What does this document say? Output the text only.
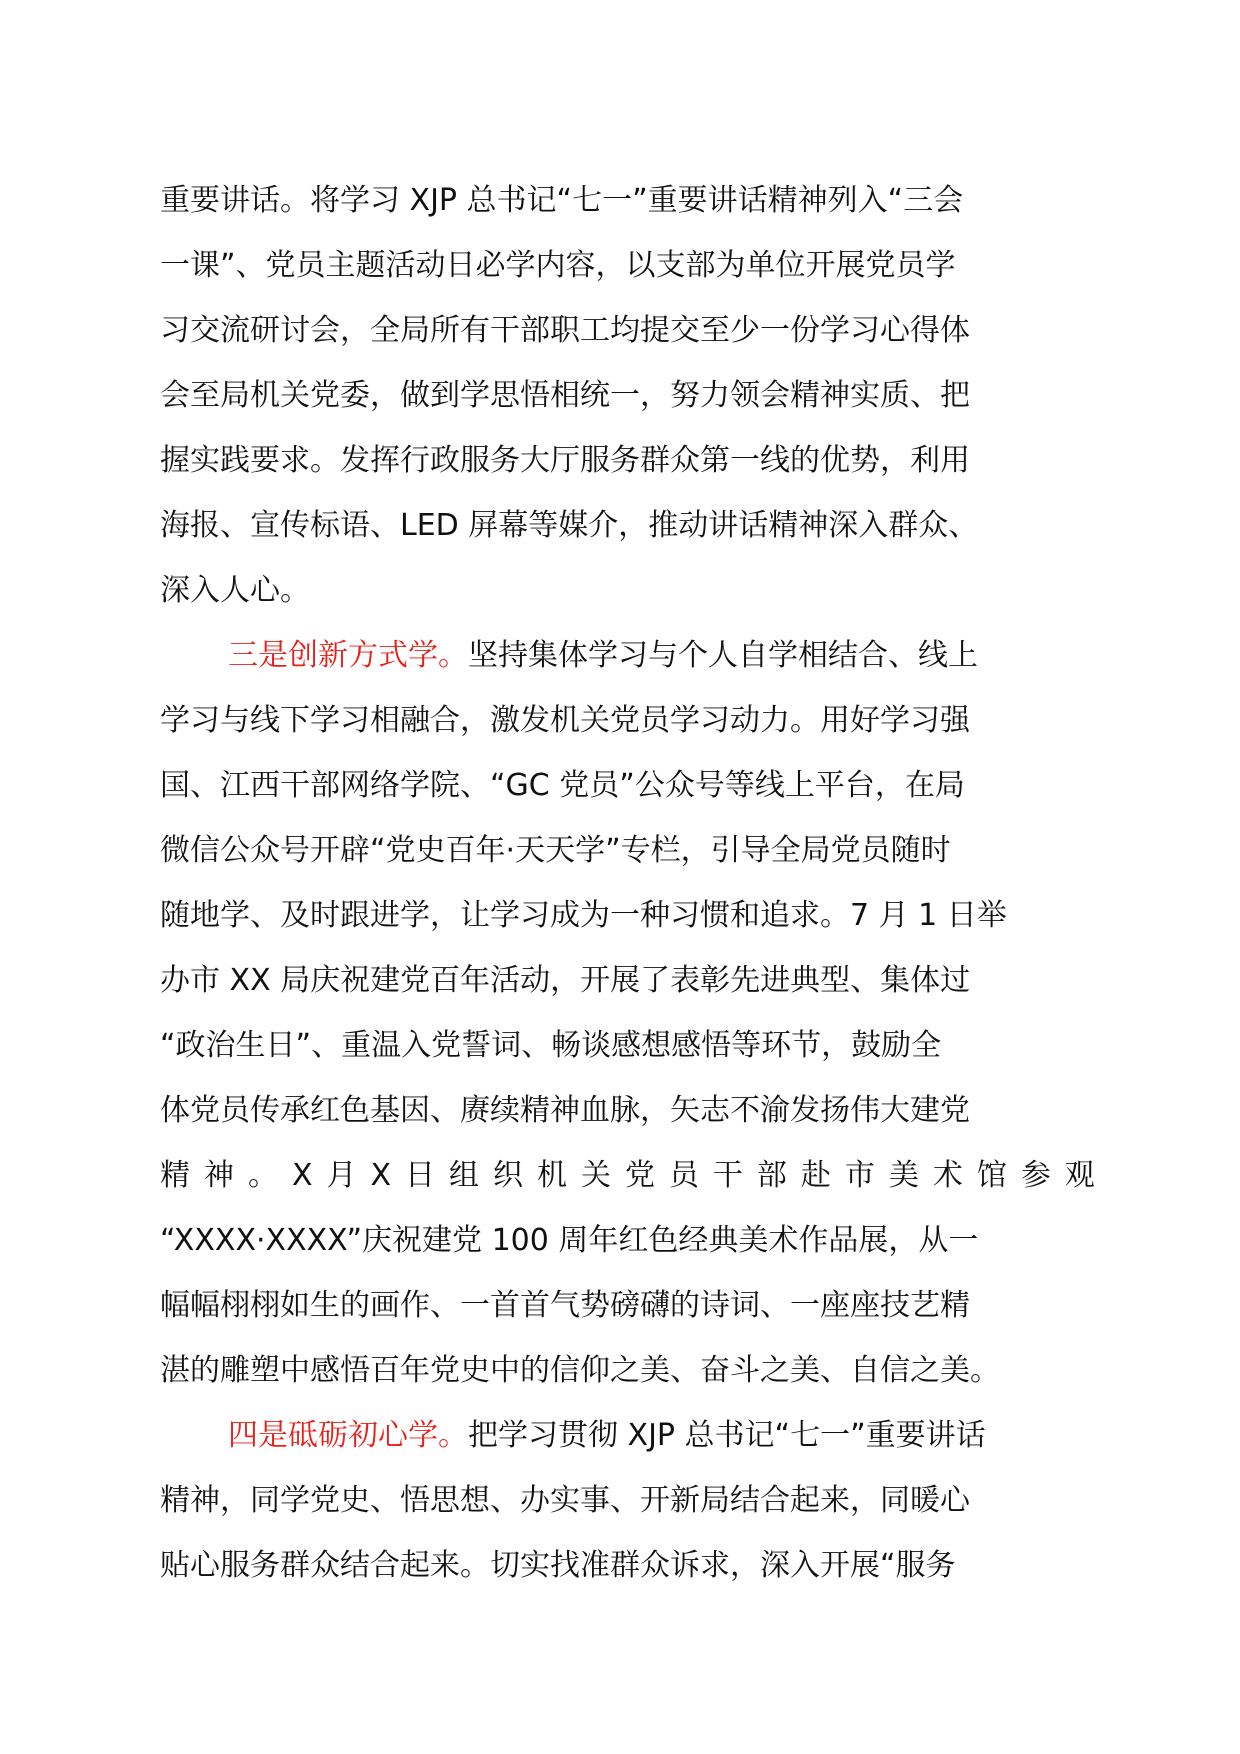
重要讲话。将学习 XJP 总书记“七一”重要讲话精神列入“三会
一课”、党员主题活动日必学内容，以支部为单位开展党员学
习交流研讨会，全局所有干部职工均提交至少一份学习心得体
会至局机关党委，做到学思悟相统一，努力领会精神实质、把
握实践要求。发挥行政服务大厅服务群众第一线的优势，利用
海报、宣传标语、LED 屏幕等媒介，推动讲话精神深入群众、
深入人心。
三是创新方式学。坚持集体学习与个人自学相结合、线上
学习与线下学习相融合，激发机关党员学习动力。用好学习强
国、江西干部网络学院、“GC 党员”公众号等线上平台，在局
微信公众号开辟“党史百年·天天学”专栏，引导全局党员随时
随地学、及时跟进学，让学习成为一种习惯和追求。7 月 1 日举
办市 XX 局庆祝建党百年活动，开展了表彰先进典型、集体过
“政治生日”、重温入党誓词、畅谈感想感悟等环节，鼓励全
体党员传承红色基因、赓续精神血脉，矢志不渝发扬伟大建党
精 神 。 X 月 X 日 组 织 机 关 党 员 干 部 赴 市 美 术 馆 参 观
“XXXX·XXXX”庆祝建党 100 周年红色经典美术作品展，从一
幅幅栩栩如生的画作、一首首气势磅礴的诗词、一座座技艺精
湛的雕塑中感悟百年党史中的信仰之美、奋斗之美、自信之美。
四是砥砺初心学。把学习贯彻 XJP 总书记“七一”重要讲话
精神，同学党史、悟思想、办实事、开新局结合起来，同暖心
贴心服务群众结合起来。切实找准群众诉求，深入开展“服务
